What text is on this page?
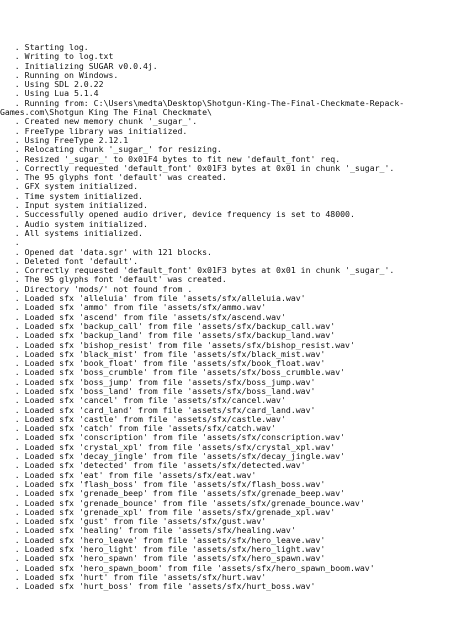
. Starting log.
. Writing to log.txt
. Initializing SUGAR v0.0.4j.
. Running on Windows.
. Using SDL 2.0.22
. Using Lua 5.1.4
. Running from: C:\Users\medta\Desktop\Shotgun-King-The-Final-Checkmate-Repack-
Games.com\Shotgun King The Final Checkmate\
. Created new memory chunk '_sugar_'.
. FreeType library was initialized.
. Using FreeType 2.12.1
. Relocating chunk '_sugar_' for resizing.
. Resized '_sugar_' to 0x01F4 bytes to fit new 'default_font' req.
. Correctly requested 'default_font' 0x01F3 bytes at 0x01 in chunk '_sugar_'.
. The 95 glyphs font 'default' was created.
. GFX system initialized.
. Time system initialized.
. Input system initialized.
. Successfully opened audio driver, device frequency is set to 48000.
. Audio system initialized.
. All systems initialized.
.
. Opened dat 'data.sgr' with 121 blocks.
. Deleted font 'default'.
. Correctly requested 'default_font' 0x01F3 bytes at 0x01 in chunk '_sugar_'.
. The 95 glyphs font 'default' was created.
. Directory 'mods/' not found from .
. Loaded sfx 'alleluia' from file 'assets/sfx/alleluia.wav'
. Loaded sfx 'ammo' from file 'assets/sfx/ammo.wav'
. Loaded sfx 'ascend' from file 'assets/sfx/ascend.wav'
. Loaded sfx 'backup_call' from file 'assets/sfx/backup_call.wav'
. Loaded sfx 'backup_land' from file 'assets/sfx/backup_land.wav'
. Loaded sfx 'bishop_resist' from file 'assets/sfx/bishop_resist.wav'
. Loaded sfx 'black_mist' from file 'assets/sfx/black_mist.wav'
. Loaded sfx 'book_float' from file 'assets/sfx/book_float.wav'
. Loaded sfx 'boss_crumble' from file 'assets/sfx/boss_crumble.wav'
. Loaded sfx 'boss_jump' from file 'assets/sfx/boss_jump.wav'
. Loaded sfx 'boss_land' from file 'assets/sfx/boss_land.wav'
. Loaded sfx 'cancel' from file 'assets/sfx/cancel.wav'
. Loaded sfx 'card_land' from file 'assets/sfx/card_land.wav'
. Loaded sfx 'castle' from file 'assets/sfx/castle.wav'
. Loaded sfx 'catch' from file 'assets/sfx/catch.wav'
. Loaded sfx 'conscription' from file 'assets/sfx/conscription.wav'
. Loaded sfx 'crystal_xpl' from file 'assets/sfx/crystal_xpl.wav'
. Loaded sfx 'decay_jingle' from file 'assets/sfx/decay_jingle.wav'
. Loaded sfx 'detected' from file 'assets/sfx/detected.wav'
. Loaded sfx 'eat' from file 'assets/sfx/eat.wav'
. Loaded sfx 'flash_boss' from file 'assets/sfx/flash_boss.wav'
. Loaded sfx 'grenade_beep' from file 'assets/sfx/grenade_beep.wav'
. Loaded sfx 'grenade_bounce' from file 'assets/sfx/grenade_bounce.wav'
. Loaded sfx 'grenade_xpl' from file 'assets/sfx/grenade_xpl.wav'
. Loaded sfx 'gust' from file 'assets/sfx/gust.wav'
. Loaded sfx 'healing' from file 'assets/sfx/healing.wav'
. Loaded sfx 'hero_leave' from file 'assets/sfx/hero_leave.wav'
. Loaded sfx 'hero_light' from file 'assets/sfx/hero_light.wav'
. Loaded sfx 'hero_spawn' from file 'assets/sfx/hero_spawn.wav'
. Loaded sfx 'hero_spawn_boom' from file 'assets/sfx/hero_spawn_boom.wav'
. Loaded sfx 'hurt' from file 'assets/sfx/hurt.wav'
. Loaded sfx 'hurt_boss' from file 'assets/sfx/hurt_boss.wav'
